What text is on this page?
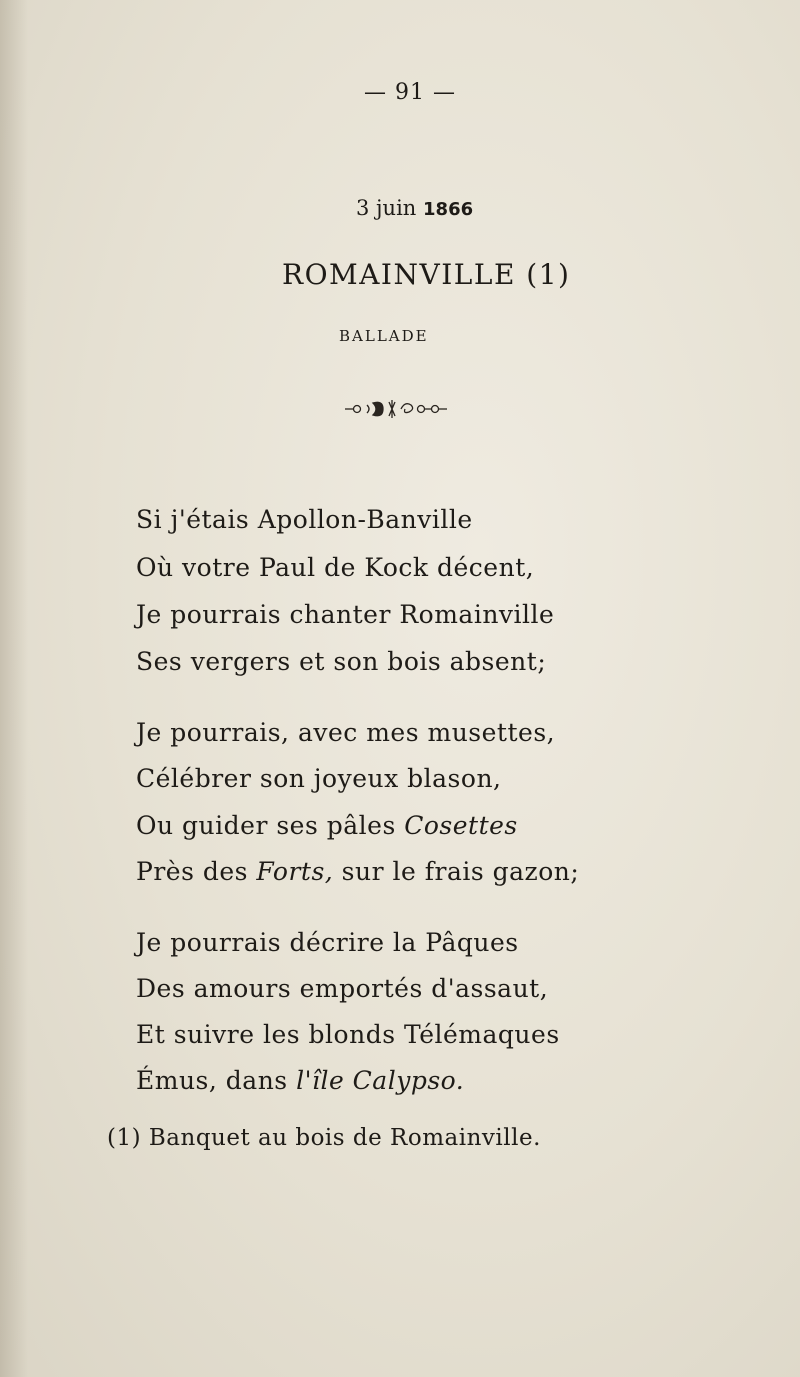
— 91 —
3 juin 1866
ROMAINVILLE (1)
BALLADE
Si j'étais Apollon-Banville
Où votre Paul de Kock décent,
Je pourrais chanter Romainville
Ses vergers et son bois absent;
Je pourrais, avec mes musettes,
Célébrer son joyeux blason,
Ou guider ses pâles Cosettes
Près des Forts, sur le frais gazon;
Je pourrais décrire la Pâques
Des amours emportés d'assaut,
Et suivre les blonds Télémaques
Émus, dans l'île Calypso.
(1) Banquet au bois de Romainville.
